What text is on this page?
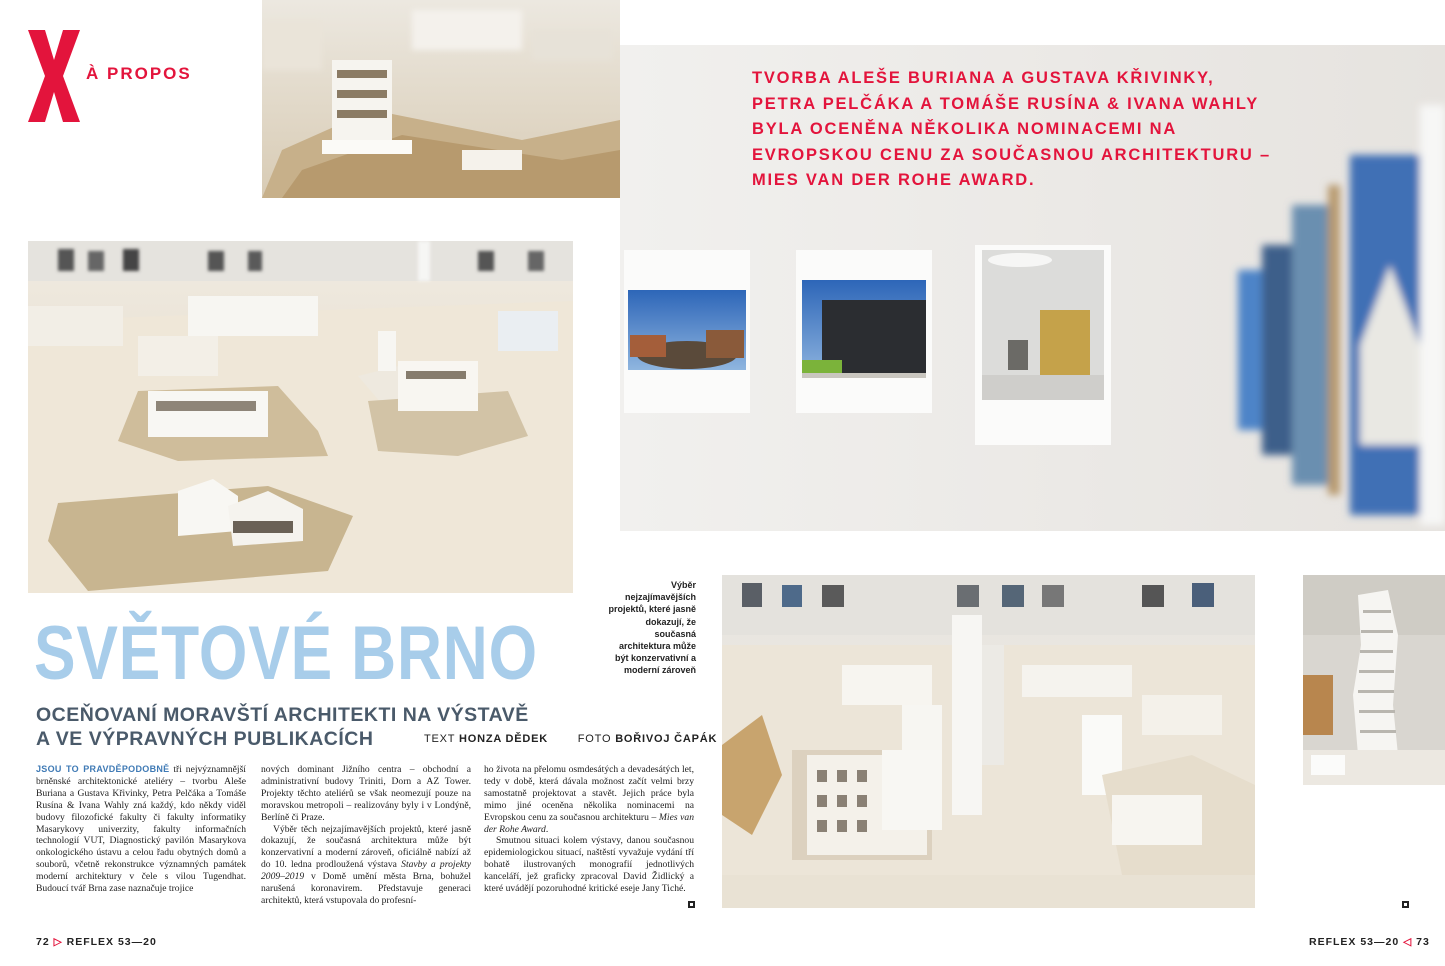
À PROPOS	TVORBA ALEŠE BURIANA A GUSTAVA KŘIVINKY, PETRA PELČÁKA A TOMÁŠE RUSÍNA & IVANA WAHLY BYLA OCENĚNA NĚKOLIKA NOMINACEMI NA EVROPSKOU CENU ZA SOUČASNOU ARCHITEKTURU – MIES VAN DER ROHE AWARD.
SVĚTOVÉ BRNO
OCEŇOVANÍ MORAVŠTÍ ARCHITEKTI NA VÝSTAVĚ
A VE VÝPRAVNÝCH PUBLIKACÍCH	TEXT HONZA DĚDEK	FOTO BOŘIVOJ ČAPÁK
Výběr nejzajímavějších projektů, které jasně dokazují, že současná architektura může být konzervativní a moderní zároveň

JSOU TO PRAVDĚPODOBNĚ tři nejvýznamnější brněnské architektonické ateliéry – tvorbu Aleše Buriana a Gustava Křivinky, Petra Pelčáka a Tomáše Rusína & Ivana Wahly zná každý, kdo někdy viděl budovy filozofické fakulty či fakulty informatiky Masarykovy univerzity, fakulty informačních technologií VUT, Diagnostický pavilón Masarykova onkologického ústavu a celou řadu obytných domů a souborů, včetně rekonstrukce významných památek moderní architektury v čele s vilou Tugendhat. Budoucí tvář Brna zase naznačuje trojice

nových dominant Jižního centra – obchodní a administrativní budovy Triniti, Dorn a AZ Tower. Projekty těchto ateliérů se však neomezují pouze na moravskou metropoli – realizovány byly i v Londýně, Berlíně či Praze.

Výběr těch nejzajímavějších projektů, které jasně dokazují, že současná architektura může být konzervativní a moderní zároveň, oficiálně nabízí až do 10. ledna prodloužená výstava Stavby a projekty 2009–2019 v Domě umění města Brna, bohužel narušená koronavirem. Představuje generaci architektů, která vstupovala do profesní-

ho života na přelomu osmdesátých a devadesátých let, tedy v době, která dávala možnost začít velmi brzy samostatně projektovat a stavět. Jejich práce byla mimo jiné oceněna několika nominacemi na Evropskou cenu za současnou architekturu – Mies van der Rohe Award.

Smutnou situaci kolem výstavy, danou současnou epidemiologickou situací, naštěstí vyvažuje vydání tří bohatě ilustrovaných monografií jednotlivých kanceláří, jež graficky zpracoval David Židlický a které uvádějí pozoruhodné kritické eseje Jany Tiché.

72 ▷ REFLEX 53—20	REFLEX 53—20 ◁ 73
